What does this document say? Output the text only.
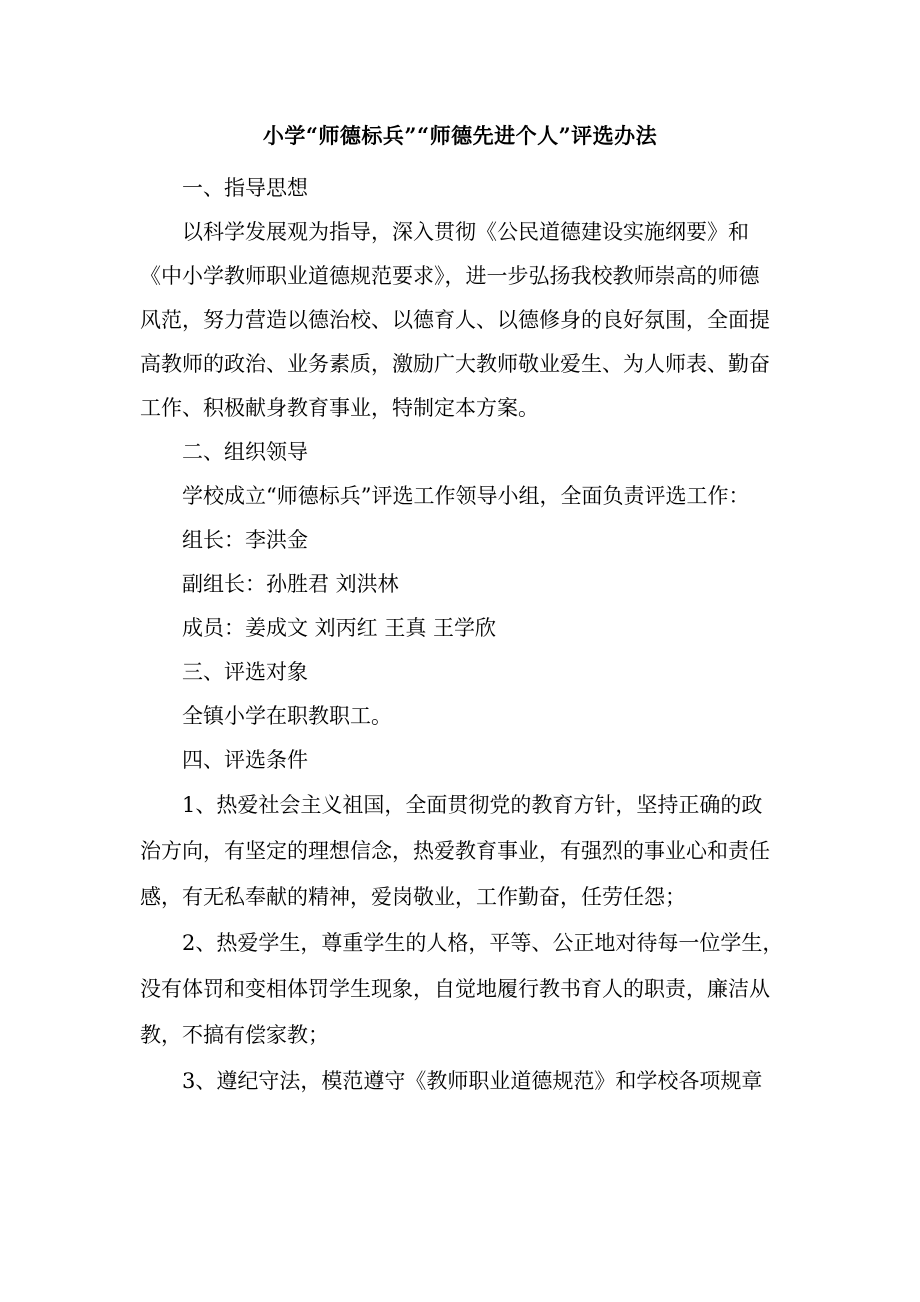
小学“师德标兵”“师德先进个人”评选办法
一、指导思想
以科学发展观为指导，深入贯彻《公民道德建设实施纲要》和
《中小学教师职业道德规范要求》，进一步弘扬我校教师崇高的师德
风范，努力营造以德治校、以德育人、以德修身的良好氛围，全面提
高教师的政治、业务素质，激励广大教师敬业爱生、为人师表、勤奋
工作、积极献身教育事业，特制定本方案。
二、组织领导
学校成立“师德标兵”评选工作领导小组，全面负责评选工作：
组长：李洪金
副组长：孙胜君 刘洪林
成员：姜成文 刘丙红 王真 王学欣
三、评选对象
全镇小学在职教职工。
四、评选条件
1、热爱社会主义祖国，全面贯彻党的教育方针，坚持正确的政
治方向，有坚定的理想信念，热爱教育事业，有强烈的事业心和责任
感，有无私奉献的精神，爱岗敬业，工作勤奋，任劳任怨；
2、热爱学生，尊重学生的人格，平等、公正地对待每一位学生，
没有体罚和变相体罚学生现象，自觉地履行教书育人的职责，廉洁从
教，不搞有偿家教；
3、遵纪守法，模范遵守《教师职业道德规范》和学校各项规章
